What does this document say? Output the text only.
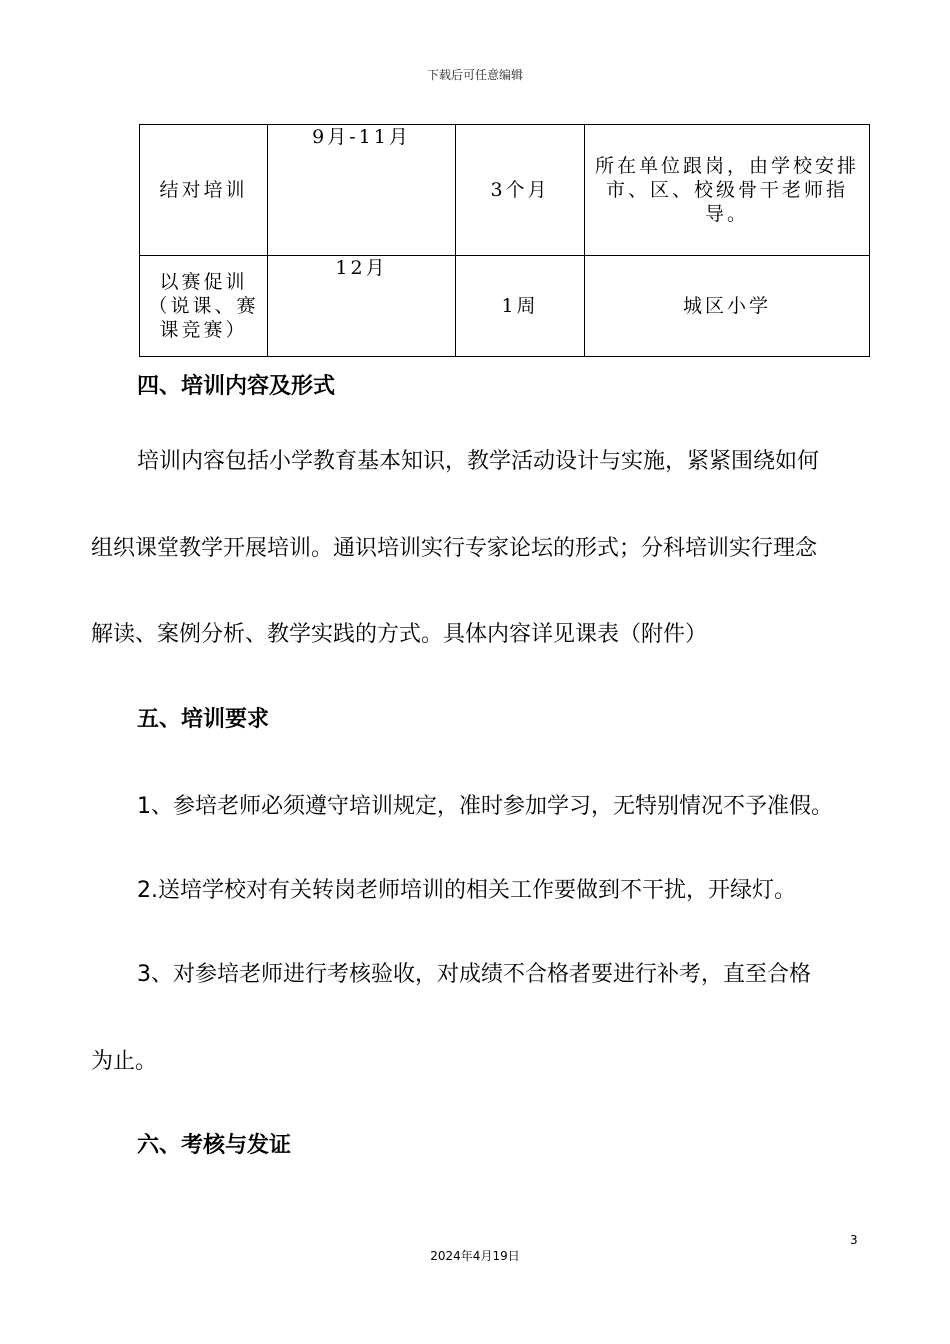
下载后可任意编辑
结对培训	9月-11月	3个月	所在单位跟岗，由学校安排市、区、校级骨干老师指导。
以赛促训（说课、赛课竞赛）	12月	1周	城区小学
四、培训内容及形式
培训内容包括小学教育基本知识，教学活动设计与实施，紧紧围绕如何
组织课堂教学开展培训。通识培训实行专家论坛的形式；分科培训实行理念
解读、案例分析、教学实践的方式。具体内容详见课表（附件）
五、培训要求
1、参培老师必须遵守培训规定，准时参加学习，无特别情况不予准假。
2.送培学校对有关转岗老师培训的相关工作要做到不干扰，开绿灯。
3、对参培老师进行考核验收，对成绩不合格者要进行补考，直至合格
为止。
六、考核与发证
3
2024年4月19日
